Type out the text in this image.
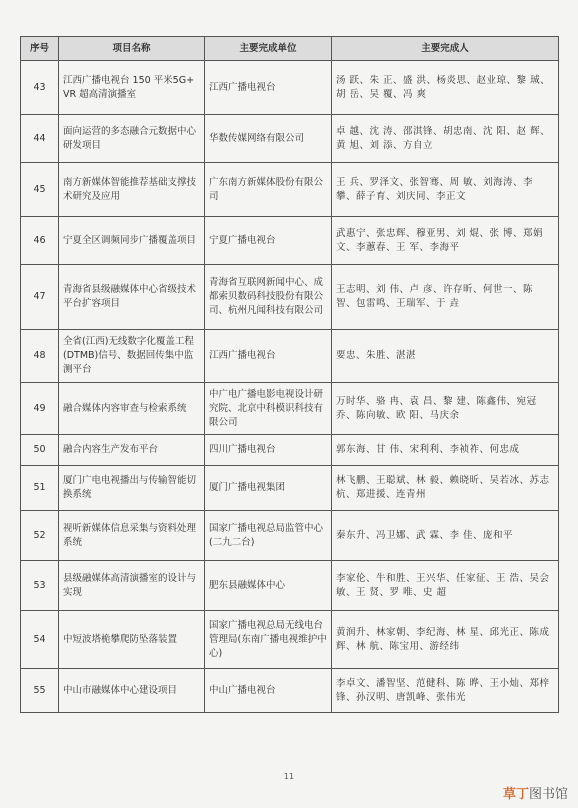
序号	项目名称	主要完成单位	主要完成人
43	江西广播电视台 150 平米5G+VR 超高清演播室	江西广播电视台	汤 跃、朱 正、盛 洪、杨炎思、赵业琼、黎 珹、胡 岳、吴 覆、冯 爽
44	面向运营的多态融合元数据中心研发项目	华数传媒网络有限公司	卓 越、沈 涛、邵淇锋、胡忠南、沈 阳、赵 辉、黄 旭、刘 添、方自立
45	南方新媒体智能推荐基础支撑技术研究及应用	广东南方新媒体股份有限公司	王 兵、罗泽文、张智骞、周 敏、刘海涛、李 攀、薛子育、刘庆同、李正文
46	宁夏全区调频同步广播覆盖项目	宁夏广播电视台	武惠宁、张忠辉、穆亚男、刘 焜、张 博、郑娟文、李蕙春、王 军、李海平
47	青海省县级融媒体中心省级技术平台扩容项目	青海省互联网新闻中心、成都索贝数码科技股份有限公司、杭州凡闻科技有限公司	王志明、刘 伟、卢 彦、许存昕、何世一、陈 智、包雷鸣、王瑞军、于 垚
48	全省(江西)无线数字化覆盖工程(DTMB)信号、数据回传集中监测平台	江西广播电视台	要忠、朱胜、湛湛
49	融合媒体内容审查与检索系统	中广电广播电影电视设计研究院、北京中科模识科技有限公司	万时华、骆 冉、袁 昌、黎 建、陈鑫伟、宛冠乔、陈向敏、欧 阳、马庆余
50	融合内容生产发布平台	四川广播电视台	郭东海、甘 伟、宋利利、李祯祚、何忠成
51	厦门广电电视播出与传输智能切换系统	厦门广播电视集团	林飞鹏、王聪斌、林 毅、赖晓昕、吴若冰、苏志杭、郑进援、连青州
52	视听新媒体信息采集与资料处理系统	国家广播电视总局监管中心(二九二台)	秦东升、冯卫娜、武 霖、李 佳、庞和平
53	县级融媒体高清演播室的设计与实现	肥东县融媒体中心	李家伦、牛和胜、王兴华、任家征、王 浩、吴会敏、王 贤、罗 唯、史 超
54	中短波塔桅攀爬防坠落装置	国家广播电视总局无线电台管理局(东南广播电视维护中心)	黄润升、林家朝、李纪海、林 星、邱光正、陈成辉、林 航、陈宝用、游经纬
55	中山市融媒体中心建设项目	中山广播电视台	李卓文、潘智坚、范健科、陈 晔、王小灿、郑梓锋、孙汉明、唐凯峰、张伟光
11
草丁 图书馆
